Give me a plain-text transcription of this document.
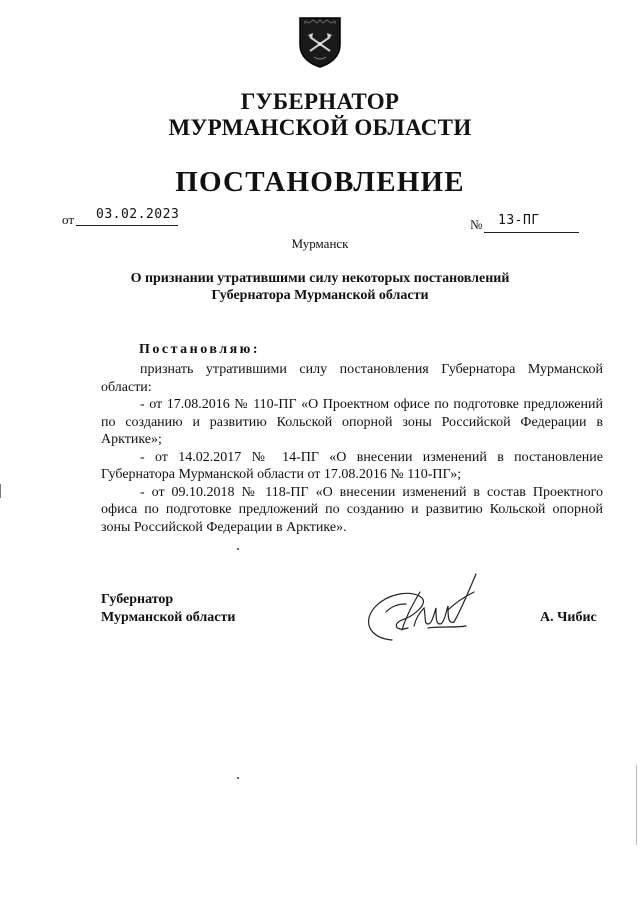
ГУБЕРНАТОР
МУРМАНСКОЙ ОБЛАСТИ
ПОСТАНОВЛЕНИЕ
от 03.02.2023
№ 13-ПГ
Мурманск
О признании утратившими силу некоторых постановлений
Губернатора Мурманской области
Постановляю:

признать утратившими силу постановления Губернатора Мурманской области:

- от 17.08.2016 № 110-ПГ «О Проектном офисе по подготовке предложений по созданию и развитию Кольской опорной зоны Российской Федерации в Арктике»;

- от 14.02.2017 № 14-ПГ «О внесении изменений в постановление Губернатора Мурманской области от 17.08.2016 № 110-ПГ»;

- от 09.10.2018 № 118-ПГ «О внесении изменений в состав Проектного офиса по подготовке предложений по созданию и развитию Кольской опорной зоны Российской Федерации в Арктике».

Губернатор
Мурманской области	А. Чибис
